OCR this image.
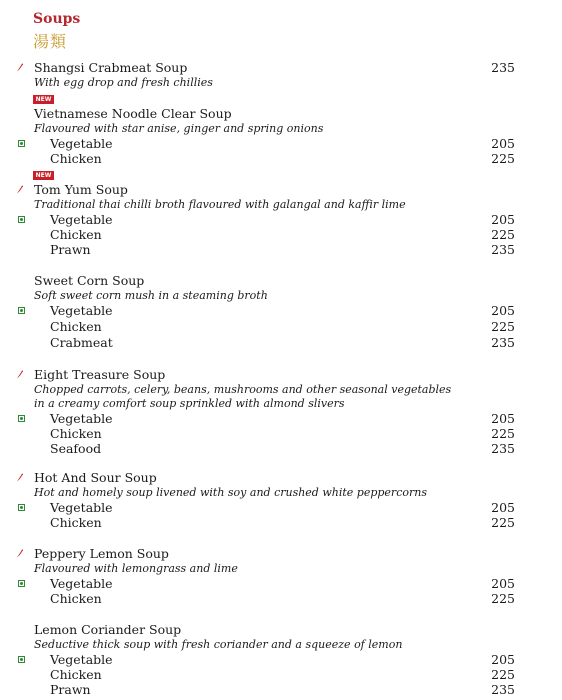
Soups
湯類
Shangsi Crabmeat Soup	235
With egg drop and fresh chillies
NEW
Vietnamese Noodle Clear Soup
Flavoured with star anise, ginger and spring onions
Vegetable	205
Chicken	225
NEW
Tom Yum Soup
Traditional thai chilli broth flavoured with galangal and kaffir lime
Vegetable	205
Chicken	225
Prawn	235
Sweet Corn Soup
Soft sweet corn mush in a steaming broth
Vegetable	205
Chicken	225
Crabmeat	235
Eight Treasure Soup
Chopped carrots, celery, beans, mushrooms and other seasonal vegetables
in a creamy comfort soup sprinkled with almond slivers
Vegetable	205
Chicken	225
Seafood	235
Hot And Sour Soup
Hot and homely soup livened with soy and crushed white peppercorns
Vegetable	205
Chicken	225
Peppery Lemon Soup
Flavoured with lemongrass and lime
Vegetable	205
Chicken	225
Lemon Coriander Soup
Seductive thick soup with fresh coriander and a squeeze of lemon
Vegetable	205
Chicken	225
Prawn	235
